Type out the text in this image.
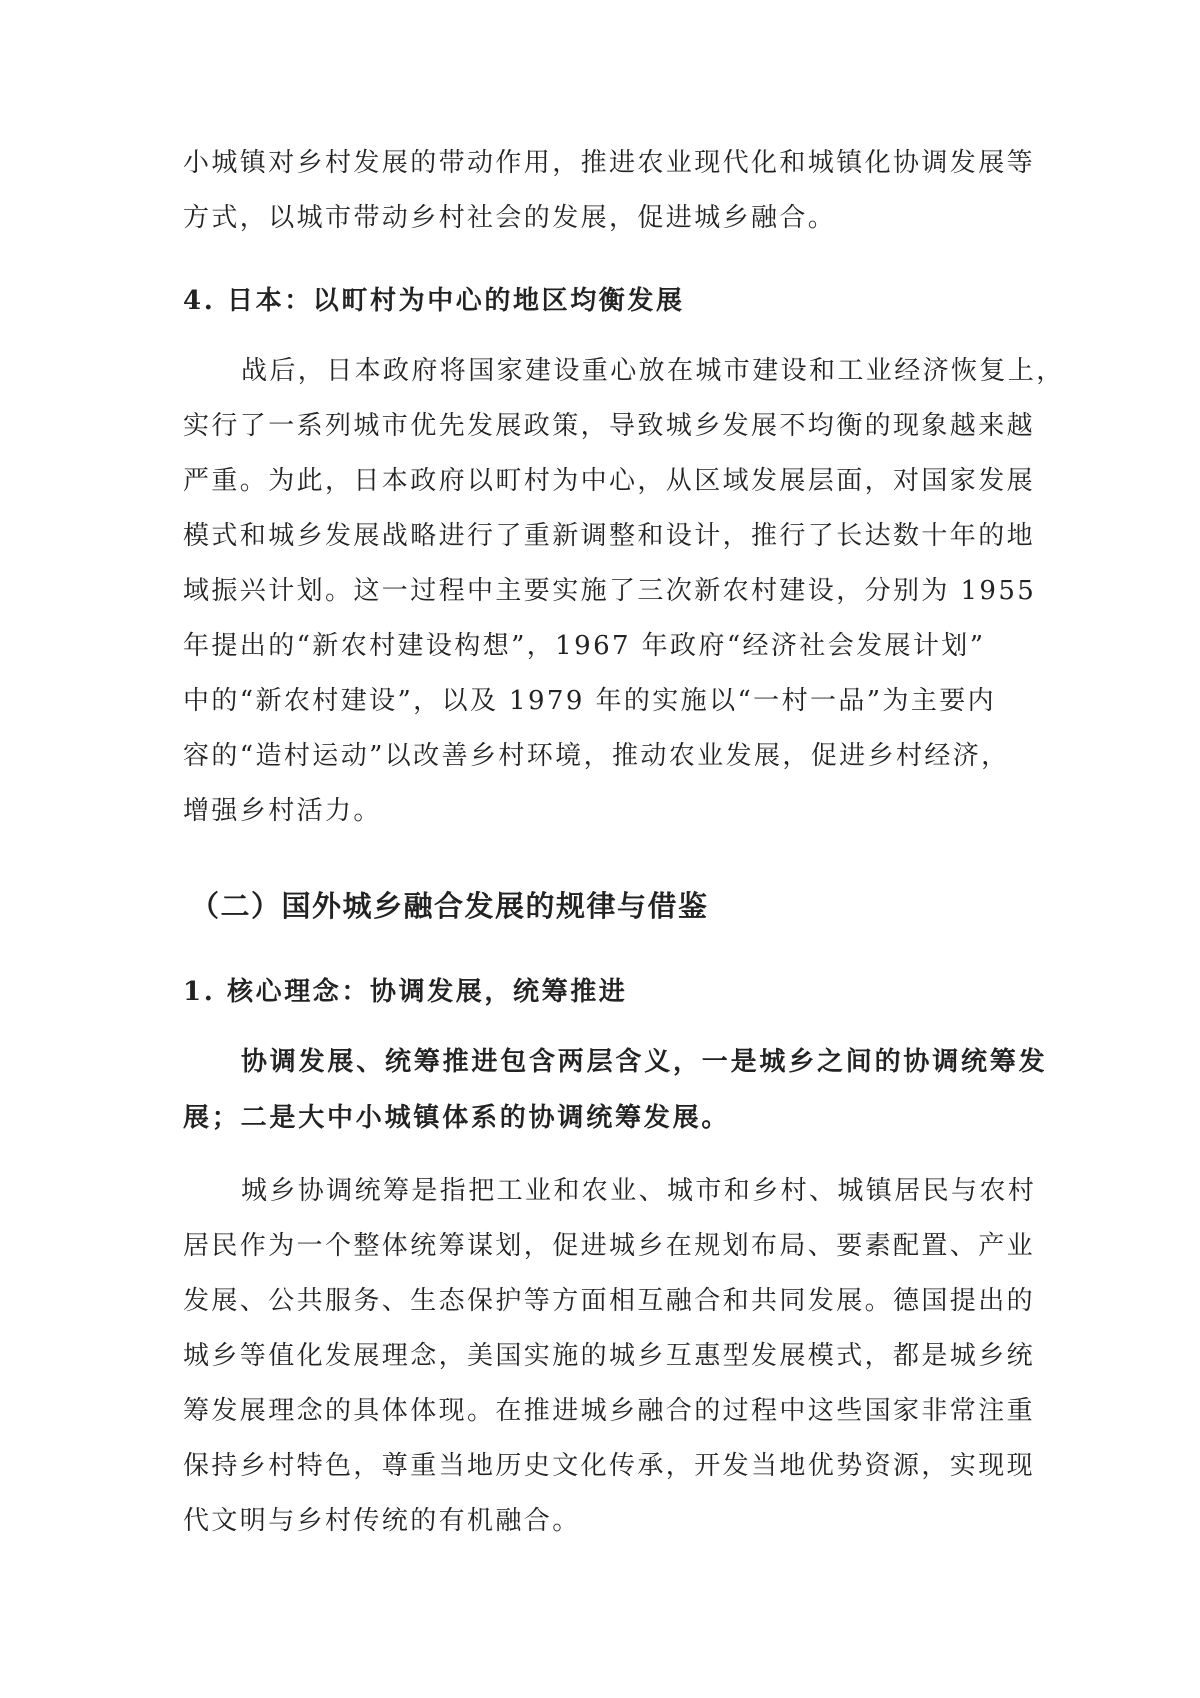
小城镇对乡村发展的带动作用，推进农业现代化和城镇化协调发展等
方式，以城市带动乡村社会的发展，促进城乡融合。
4. 日本：以町村为中心的地区均衡发展
战后，日本政府将国家建设重心放在城市建设和工业经济恢复上，
实行了一系列城市优先发展政策，导致城乡发展不均衡的现象越来越
严重。为此，日本政府以町村为中心，从区域发展层面，对国家发展
模式和城乡发展战略进行了重新调整和设计，推行了长达数十年的地
域振兴计划。这一过程中主要实施了三次新农村建设，分别为 1955
年提出的“新农村建设构想”，1967 年政府“经济社会发展计划”
中的“新农村建设”，以及 1979 年的实施以“一村一品”为主要内
容的“造村运动”以改善乡村环境，推动农业发展，促进乡村经济，
增强乡村活力。
（二）国外城乡融合发展的规律与借鉴
1. 核心理念：协调发展，统筹推进
协调发展、统筹推进包含两层含义，一是城乡之间的协调统筹发
展；二是大中小城镇体系的协调统筹发展。
城乡协调统筹是指把工业和农业、城市和乡村、城镇居民与农村
居民作为一个整体统筹谋划，促进城乡在规划布局、要素配置、产业
发展、公共服务、生态保护等方面相互融合和共同发展。德国提出的
城乡等值化发展理念，美国实施的城乡互惠型发展模式，都是城乡统
筹发展理念的具体体现。在推进城乡融合的过程中这些国家非常注重
保持乡村特色，尊重当地历史文化传承，开发当地优势资源，实现现
代文明与乡村传统的有机融合。
